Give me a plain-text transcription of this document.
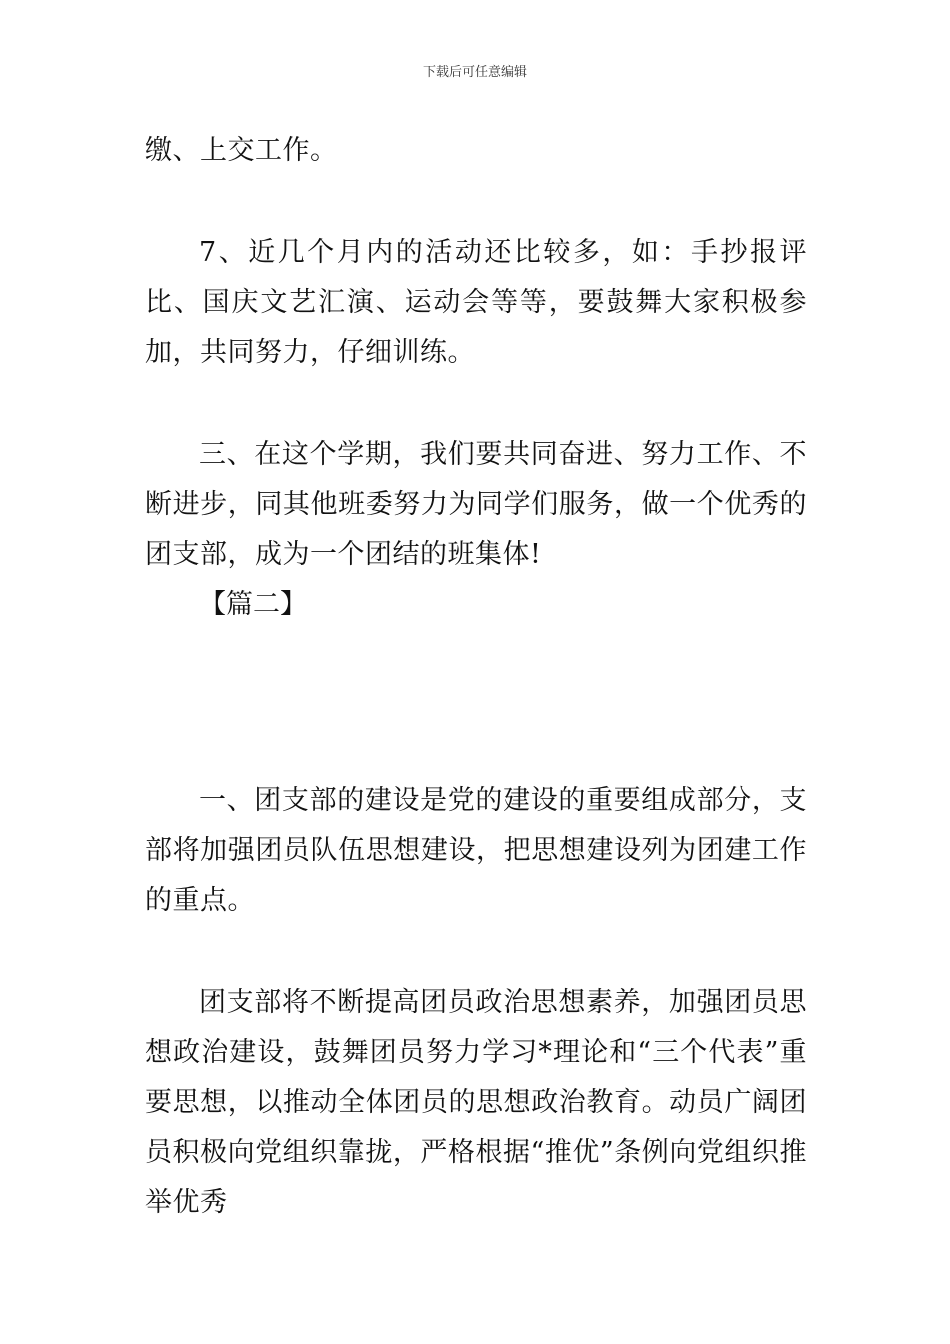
下载后可任意编辑

缴、上交工作。

7、近几个月内的活动还比较多，如：手抄报评比、国庆文艺汇演、运动会等等，要鼓舞大家积极参加，共同努力，仔细训练。

三、在这个学期，我们要共同奋进、努力工作、不断进步，同其他班委努力为同学们服务，做一个优秀的团支部，成为一个团结的班集体!

【篇二】

一、团支部的建设是党的建设的重要组成部分，支部将加强团员队伍思想建设，把思想建设列为团建工作的重点。

团支部将不断提高团员政治思想素养，加强团员思想政治建设，鼓舞团员努力学习*理论和“三个代表”重要思想，以推动全体团员的思想政治教育。动员广阔团员积极向党组织靠拢，严格根据“推优”条例向党组织推举优秀
